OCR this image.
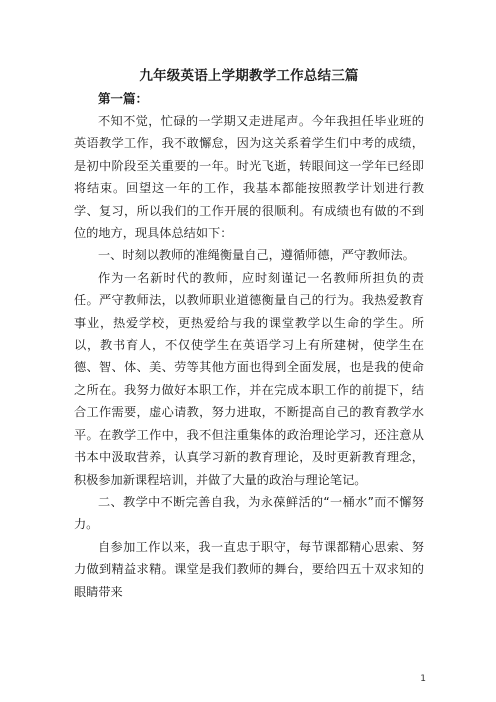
九年级英语上学期教学工作总结三篇
第一篇：

不知不觉，忙碌的一学期又走进尾声。今年我担任毕业班的英语教学工作，我不敢懈怠，因为这关系着学生们中考的成绩，是初中阶段至关重要的一年。时光飞逝，转眼间这一学年已经即将结束。回望这一年的工作，我基本都能按照教学计划进行教学、复习，所以我们的工作开展的很顺利。有成绩也有做的不到位的地方，现具体总结如下：

一、时刻以教师的准绳衡量自己，遵循师德，严守教师法。

作为一名新时代的教师，应时刻谨记一名教师所担负的责任。严守教师法，以教师职业道德衡量自己的行为。我热爱教育事业，热爱学校，更热爱给与我的课堂教学以生命的学生。所以，教书育人，不仅使学生在英语学习上有所建树，使学生在德、智、体、美、劳等其他方面也得到全面发展，也是我的使命之所在。我努力做好本职工作，并在完成本职工作的前提下，结合工作需要，虚心请教，努力进取，不断提高自己的教育教学水平。在教学工作中，我不但注重集体的政治理论学习，还注意从书本中汲取营养，认真学习新的教育理论，及时更新教育理念，积极参加新课程培训，并做了大量的政治与理论笔记。

二、教学中不断完善自我，为永葆鲜活的“一桶水”而不懈努力。

自参加工作以来，我一直忠于职守，每节课都精心思索、努力做到精益求精。课堂是我们教师的舞台，要给四五十双求知的眼睛带来

1
